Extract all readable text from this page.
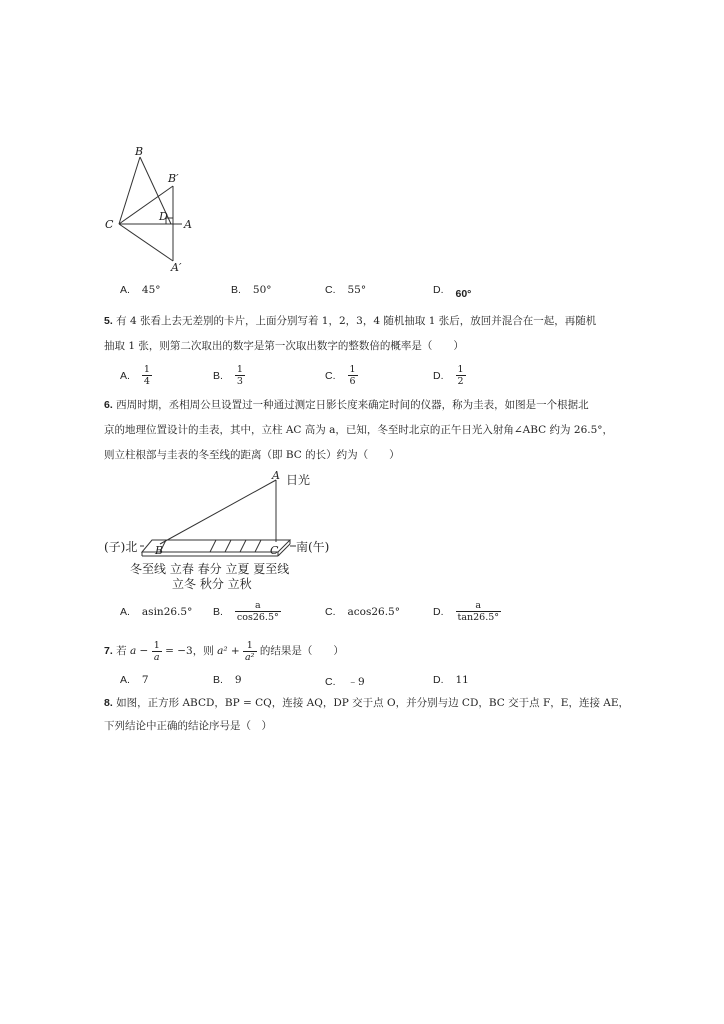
B
B′
C
D
A
A′
A. 45°	B. 50°	C. 55°	D. 60°
5. 有 4 张看上去无差别的卡片，上面分别写着 1，2，3，4 随机抽取 1 张后，放回并混合在一起，再随机
抽取 1 张，则第二次取出的数字是第一次取出数字的整数倍的概率是（　　）
A. $\frac{1}{4}$	B. $\frac{1}{3}$	C. $\frac{1}{6}$	D. $\frac{1}{2}$
6. 西周时期，丞相周公旦设置过一种通过测定日影长度来确定时间的仪器，称为圭表，如图是一个根据北
京的地理位置设计的圭表，其中，立柱 AC 高为 a，已知，冬至时北京的正午日光入射角∠ABC 约为 26.5°，
则立柱根部与圭表的冬至线的距离（即 BC 的长）约为（　　）
A 日光
(子)北	南(午)
B	C
冬至线 立春 春分 立夏 夏至线
立冬 秋分 立秋
A. asin26.5° B. $\frac{a}{\cos 26.5^\circ}$	C. acos26.5°	D. $\frac{a}{\tan 26.5^\circ}$
7. 若 $a - \frac{1}{a} = -3$，则 $a^2 + \frac{1}{\text{a²}}$ 的结果是（　　）
A. 7	B. 9	C. ﹣9	D. 11
8. 如图，正方形 ABCD，BP = CQ，连接 AQ，DP 交于点 O，并分别与边 CD，BC 交于点 F，E，连接 AE，
下列结论中正确的结论序号是（　）
